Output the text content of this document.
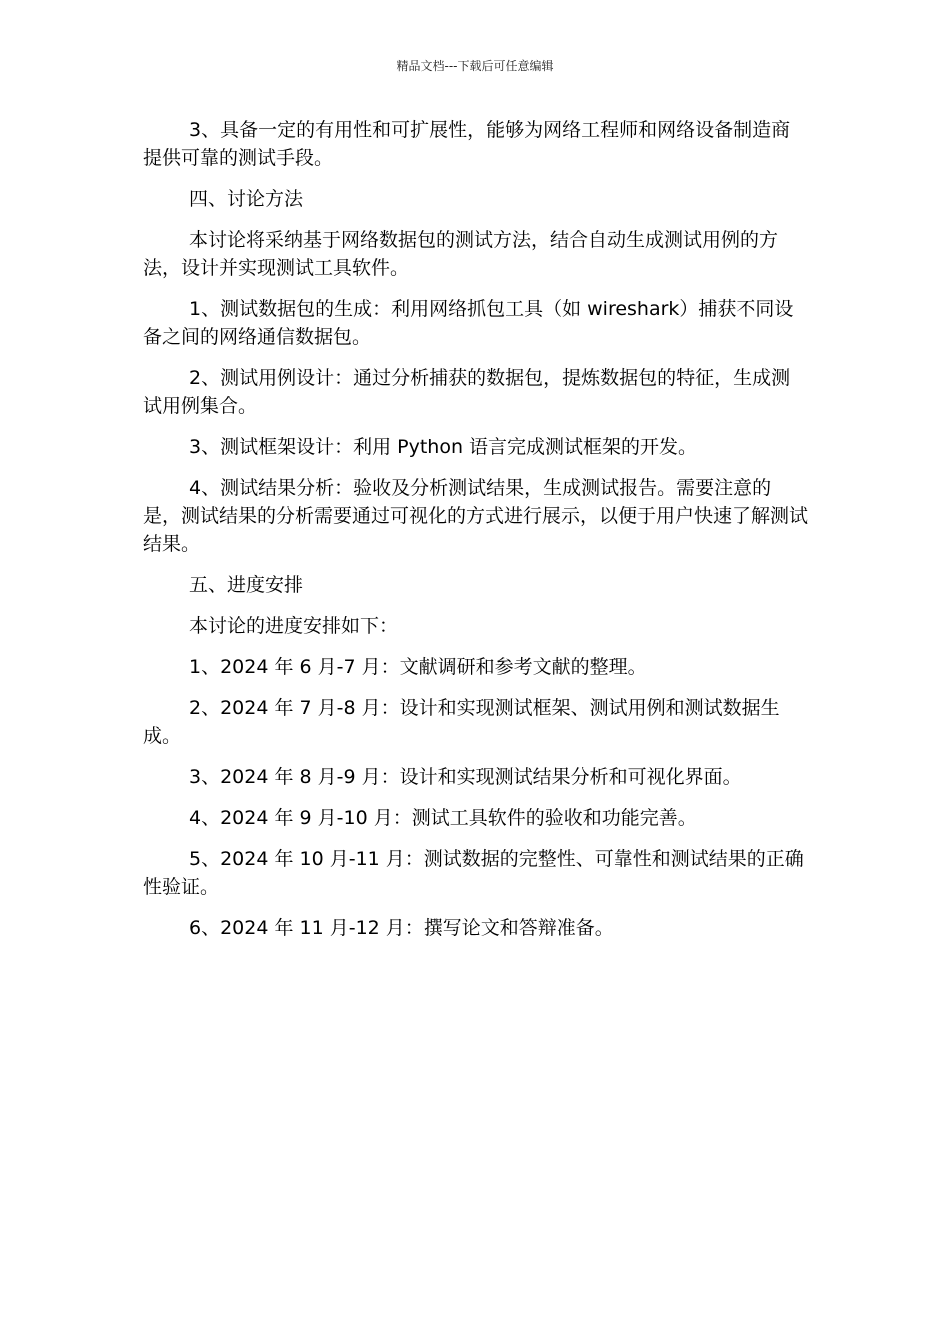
精品文档---下载后可任意编辑

3、具备一定的有用性和可扩展性，能够为网络工程师和网络设备制造商提供可靠的测试手段。

四、讨论方法

本讨论将采纳基于网络数据包的测试方法，结合自动生成测试用例的方法，设计并实现测试工具软件。

1、测试数据包的生成：利用网络抓包工具（如 wireshark）捕获不同设备之间的网络通信数据包。

2、测试用例设计：通过分析捕获的数据包，提炼数据包的特征，生成测试用例集合。

3、测试框架设计：利用 Python 语言完成测试框架的开发。

4、测试结果分析：验收及分析测试结果，生成测试报告。需要注意的是，测试结果的分析需要通过可视化的方式进行展示，以便于用户快速了解测试结果。

五、进度安排

本讨论的进度安排如下：

1、2024 年 6 月-7 月：文献调研和参考文献的整理。

2、2024 年 7 月-8 月：设计和实现测试框架、测试用例和测试数据生成。

3、2024 年 8 月-9 月：设计和实现测试结果分析和可视化界面。

4、2024 年 9 月-10 月：测试工具软件的验收和功能完善。

5、2024 年 10 月-11 月：测试数据的完整性、可靠性和测试结果的正确性验证。

6、2024 年 11 月-12 月：撰写论文和答辩准备。
